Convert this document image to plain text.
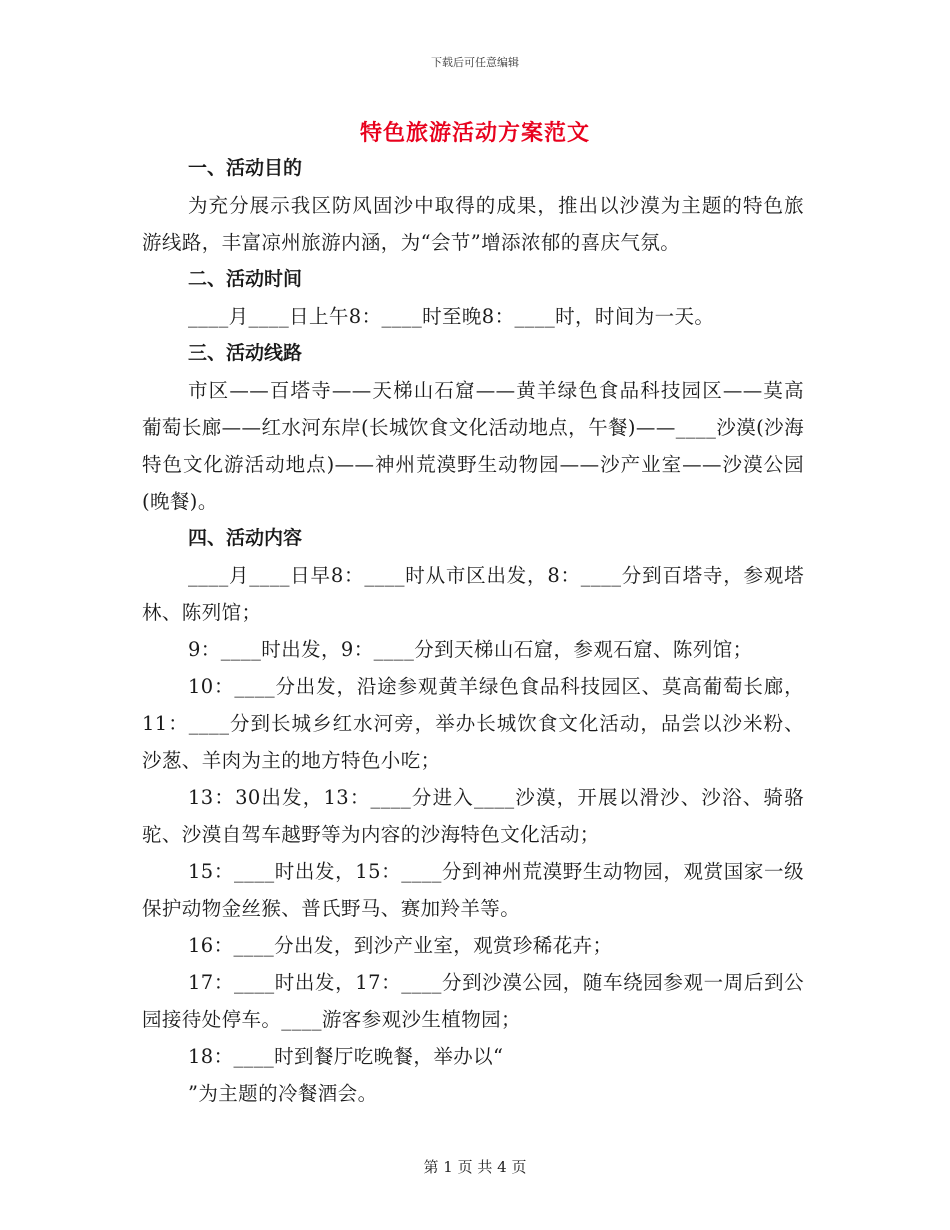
下载后可任意编辑
特色旅游活动方案范文
一、活动目的

为充分展示我区防风固沙中取得的成果，推出以沙漠为主题的特色旅游线路，丰富凉州旅游内涵，为“会节”增添浓郁的喜庆气氛。

二、活动时间

____月____日上午8：____时至晚8：____时，时间为一天。

三、活动线路

市区——百塔寺——天梯山石窟——黄羊绿色食品科技园区——莫高葡萄长廊——红水河东岸(长城饮食文化活动地点，午餐)——____沙漠(沙海特色文化游活动地点)——神州荒漠野生动物园——沙产业室——沙漠公园(晚餐)。

四、活动内容

____月____日早8：____时从市区出发，8：____分到百塔寺，参观塔林、陈列馆；

9：____时出发，9：____分到天梯山石窟，参观石窟、陈列馆；

10：____分出发，沿途参观黄羊绿色食品科技园区、莫高葡萄长廊，11：____分到长城乡红水河旁，举办长城饮食文化活动，品尝以沙米粉、沙葱、羊肉为主的地方特色小吃；

13：30出发，13：____分进入____沙漠，开展以滑沙、沙浴、骑骆驼、沙漠自驾车越野等为内容的沙海特色文化活动；

15：____时出发，15：____分到神州荒漠野生动物园，观赏国家一级保护动物金丝猴、普氏野马、赛加羚羊等。

16：____分出发，到沙产业室，观赏珍稀花卉；

17：____时出发，17：____分到沙漠公园，随车绕园参观一周后到公园接待处停车。____游客参观沙生植物园；

18：____时到餐厅吃晚餐，举办以“

”为主题的冷餐酒会。

第 1 页 共 4 页
